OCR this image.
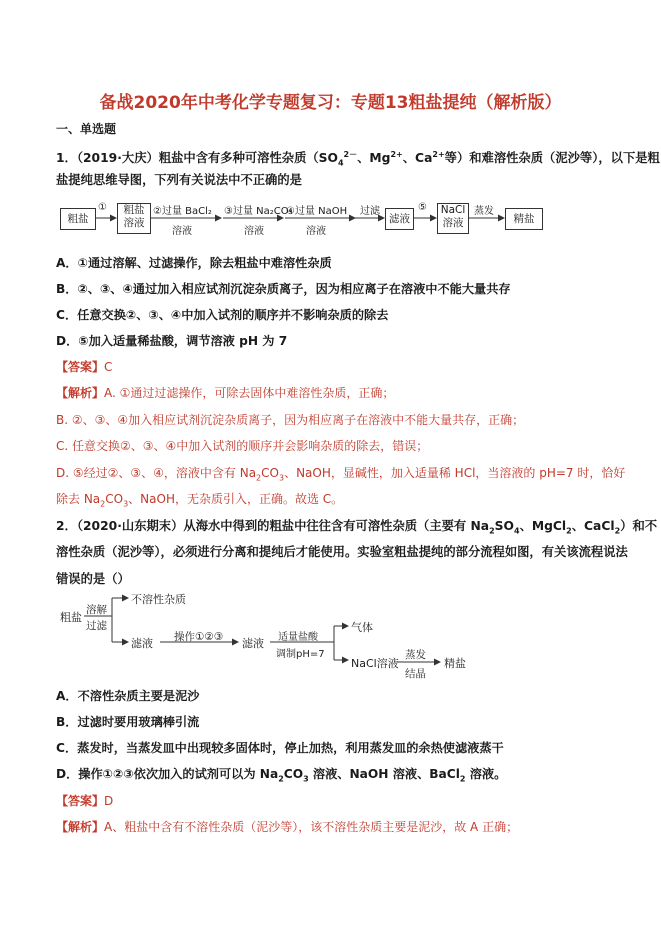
备战2020年中考化学专题复习：专题13粗盐提纯（解析版）
一、单选题
1．（2019·大庆）粗盐中含有多种可溶性杂质（$SO_4^{2-}$、$Mg^{2+}$、$Ca^{2+}$等）和难溶性杂质（泥沙等），以下是粗
盐提纯思维导图，下列有关说法中不正确的是
粗盐
①	粗盐
溶液
②过量 BaCl₂
溶液
③过量 Na₂CO₃
溶液
④过量 NaOH
溶液
过滤
滤液
⑤	NaCl
溶液
蒸发
精盐
A．①通过溶解、过滤操作，除去粗盐中难溶性杂质
B．②、③、④通过加入相应试剂沉淀杂质离子，因为相应离子在溶液中不能大量共存
C．任意交换②、③、④中加入试剂的顺序并不影响杂质的除去
D．⑤加入适量稀盐酸，调节溶液 pH 为 7
【答案】C
【解析】A. ①通过过滤操作，可除去固体中难溶性杂质，正确；
B. ②、③、④加入相应试剂沉淀杂质离子，因为相应离子在溶液中不能大量共存，正确；
C. 任意交换②、③、④中加入试剂的顺序并会影响杂质的除去，错误；
D. ⑤经过②、③、④，溶液中含有 $Na_2CO_3$、NaOH，显碱性，加入适量稀 HCl，当溶液的 pH=7 时，恰好
除去 $Na_2CO_3$、NaOH，无杂质引入，正确。故选 C。
2．（2020·山东期末）从海水中得到的粗盐中往往含有可溶性杂质（主要有 $Na_2SO_4$、MgCl$_2$、CaCl$_2$）和不
溶性杂质（泥沙等），必须进行分离和提纯后才能使用。实验室粗盐提纯的部分流程如图，有关该流程说法
错误的是（）
粗盐
溶解
过滤
不溶性杂质
滤液 操作①②③ 滤液 适量盐酸
调制pH=7
气体
NaCl溶液
蒸发
结晶
精盐
A．不溶性杂质主要是泥沙
B．过滤时要用玻璃棒引流
C．蒸发时，当蒸发皿中出现较多固体时，停止加热，利用蒸发皿的余热使滤液蒸干
D．操作①②③依次加入的试剂可以为 $Na_2CO_3$ 溶液、NaOH 溶液、BaCl$_2$ 溶液。
【答案】D
【解析】A、粗盐中含有不溶性杂质（泥沙等），该不溶性杂质主要是泥沙，故 A 正确；
